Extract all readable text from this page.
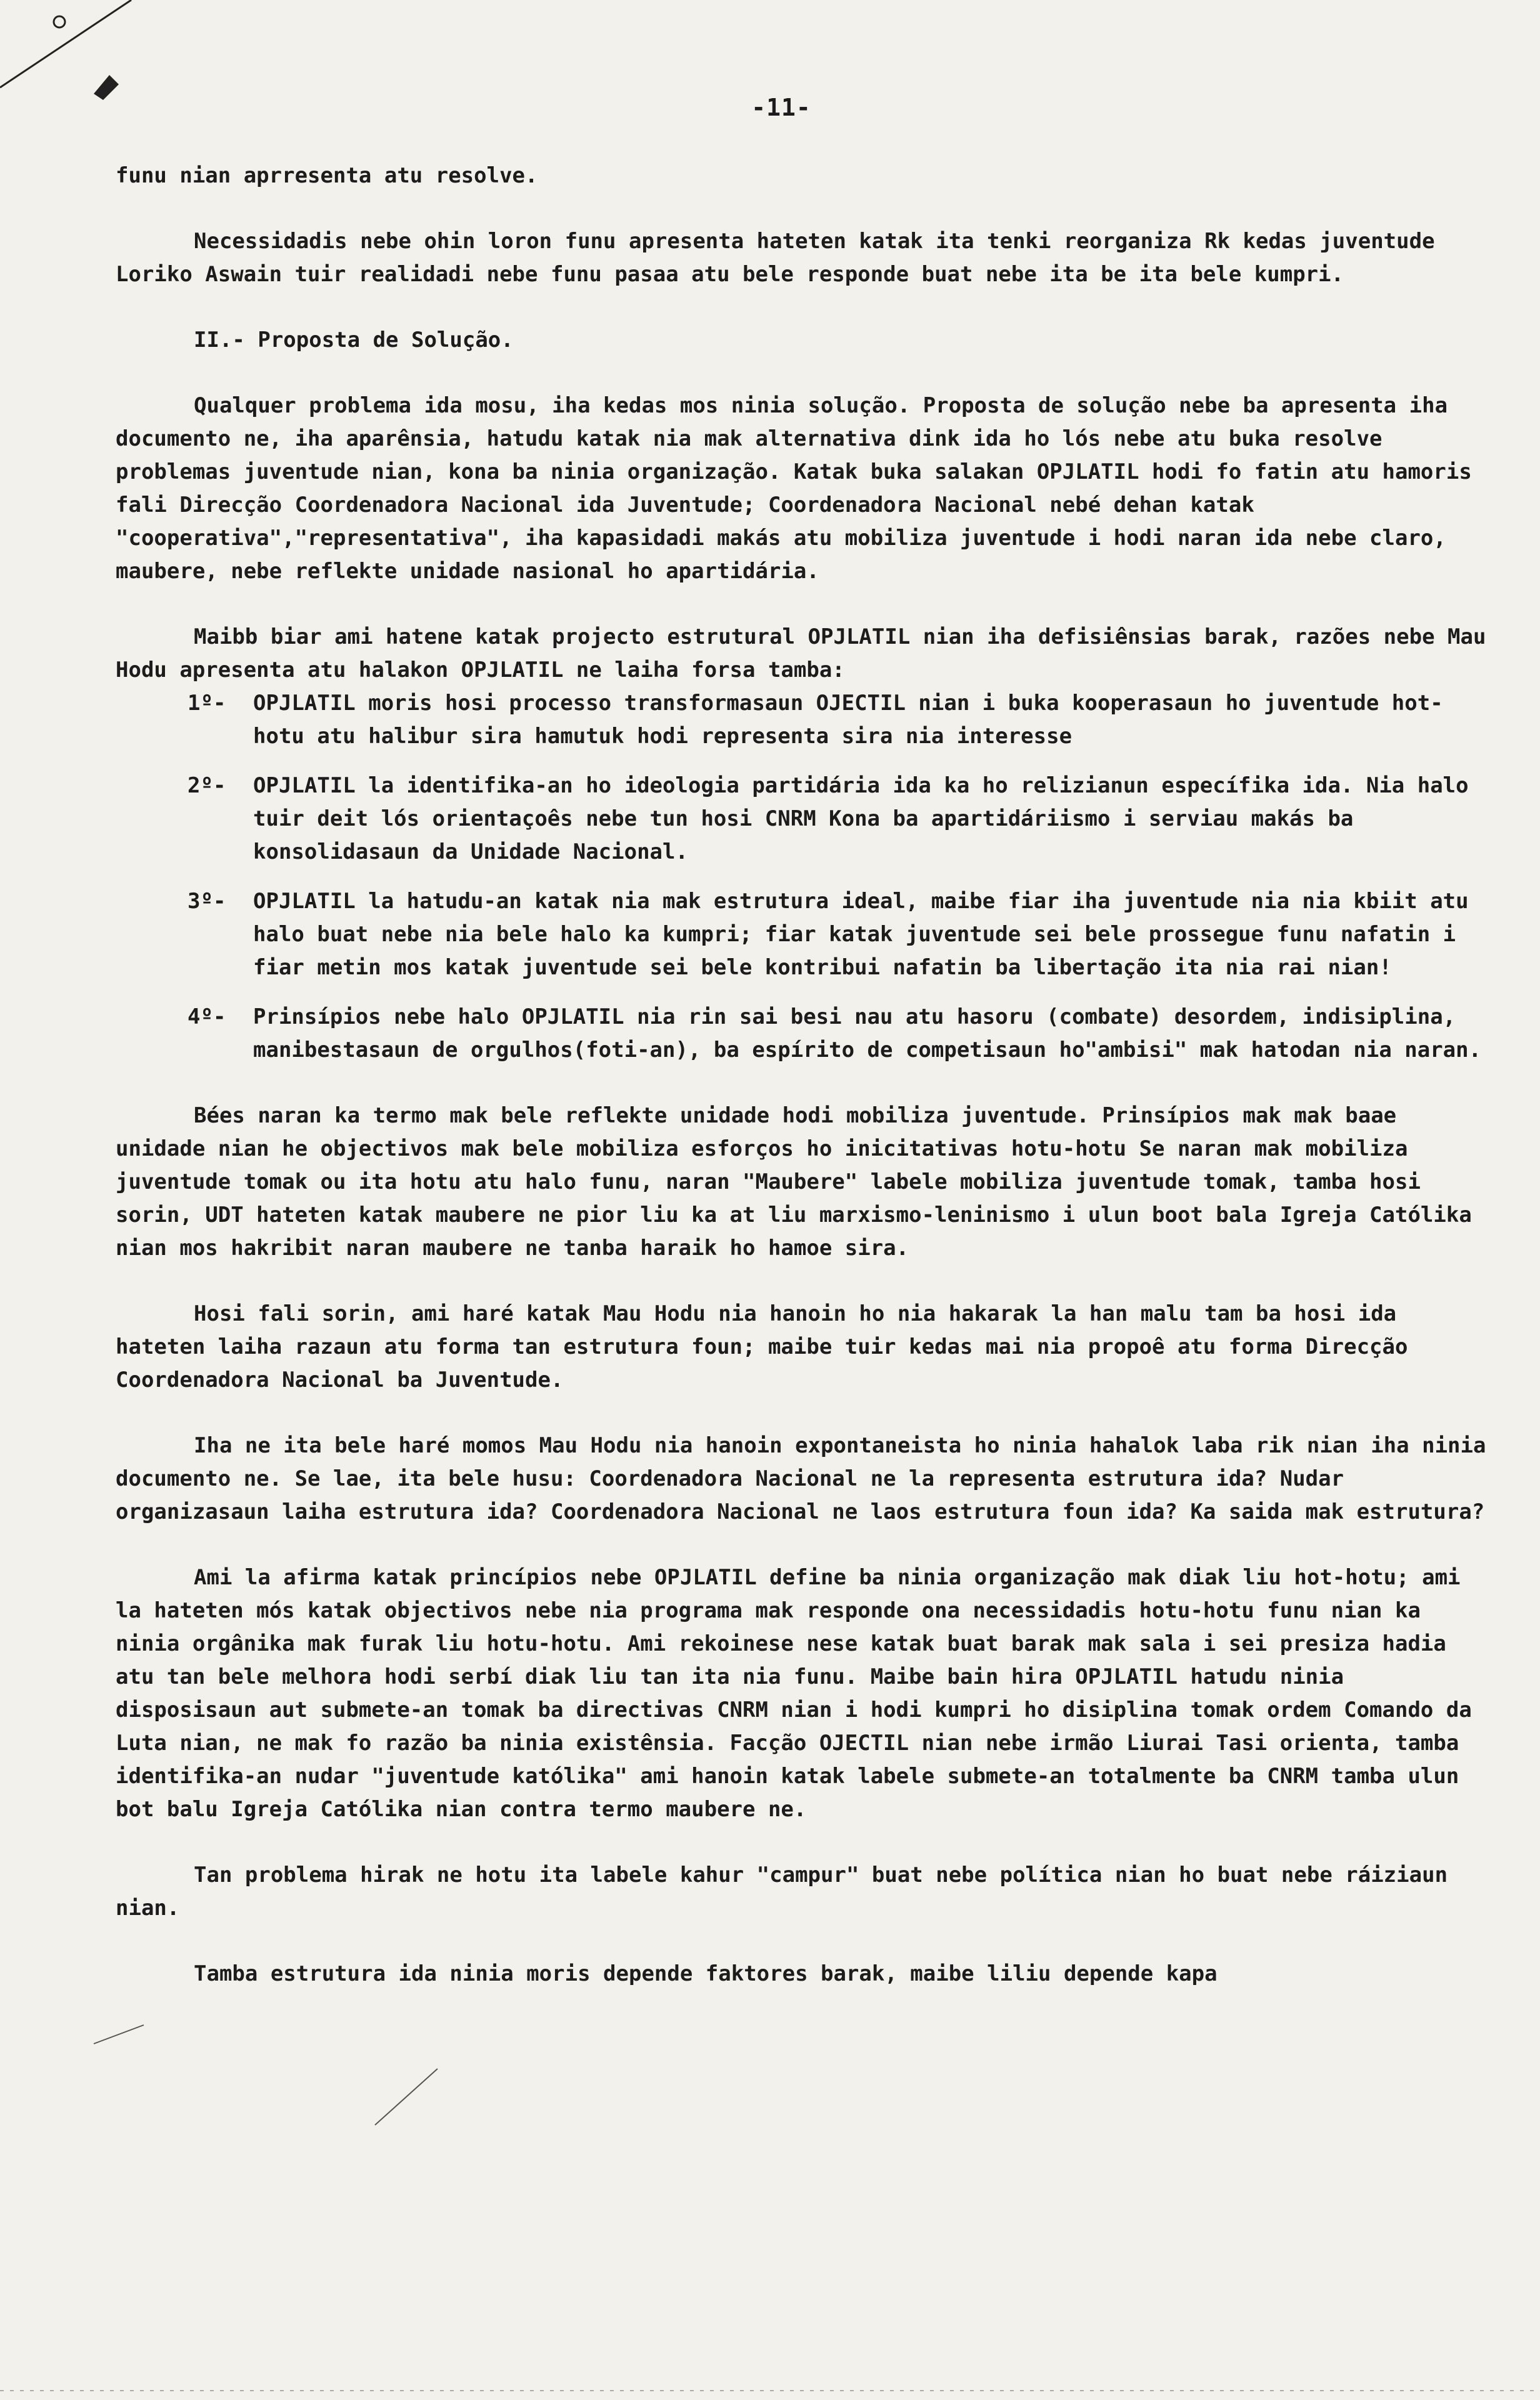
-11-

funu nian aprresenta atu resolve.

Necessidadis nebe ohin loron funu apresenta hateten katak ita tenki reorganiza Rk kedas juventude Loriko Aswain tuir realidadi nebe funu pasaa atu bele responde buat nebe ita be ita bele kumpri.

II.- Proposta de Solução.

Qualquer problema ida mosu, iha kedas mos ninia solução. Proposta de solução nebe ba apresenta iha documento ne, iha aparênsia, hatudu katak nia mak alternativa dink ida ho lós nebe atu buka resolve problemas juventude nian, kona ba ninia organização. Katak buka salakan OPJLATIL hodi fo fatin atu hamoris fali Direcção Coordenadora Nacional ida Juventude; Coordenadora Nacional nebé dehan katak "cooperativa","representativa", iha kapasidadi makás atu mobiliza juventude i hodi naran ida nebe claro, maubere, nebe reflekte unidade nasional ho apartidária.

Maibb biar ami hatene katak projecto estrutural OPJLATIL nian iha defisiênsias barak, razões nebe Mau Hodu apresenta atu halakon OPJLATIL ne laiha forsa tamba:

1º-	OPJLATIL moris hosi processo transformasaun OJECTIL nian i buka kooperasaun ho juventude hot-hotu atu halibur sira hamutuk hodi representa sira nia interesse
2º-	OPJLATIL la identifika-an ho ideologia partidária ida ka ho relizianun específika ida. Nia halo tuir deit lós orientaçoês nebe tun hosi CNRM Kona ba apartidáriismo i serviau makás ba konsolidasaun da Unidade Nacional.
3º-	OPJLATIL la hatudu-an katak nia mak estrutura ideal, maibe fiar iha juventude nia nia kbiit atu halo buat nebe nia bele halo ka kumpri; fiar katak juventude sei bele prossegue funu nafatin i fiar metin mos katak juventude sei bele kontribui nafatin ba libertação ita nia rai nian!
4º-	Prinsípios nebe halo OPJLATIL nia rin sai besi nau atu hasoru (combate) desordem, indisiplina, manibestasaun de orgulhos(foti-an), ba espírito de competisaun ho"ambisi" mak hatodan nia naran.

Bées naran ka termo mak bele reflekte unidade hodi mobiliza juventude. Prinsípios mak mak baae unidade nian he objectivos mak bele mobiliza esforços ho inicitativas hotu-hotu Se naran mak mobiliza juventude tomak ou ita hotu atu halo funu, naran "Maubere" labele mobiliza juventude tomak, tamba hosi sorin, UDT hateten katak maubere ne pior liu ka at liu marxismo-leninismo i ulun boot bala Igreja Católika nian mos hakribit naran maubere ne tanba haraik ho hamoe sira.

Hosi fali sorin, ami haré katak Mau Hodu nia hanoin ho nia hakarak la han malu tam ba hosi ida hateten laiha razaun atu forma tan estrutura foun; maibe tuir kedas mai nia propoê atu forma Direcção Coordenadora Nacional ba Juventude.

Iha ne ita bele haré momos Mau Hodu nia hanoin expontaneista ho ninia hahalok laba rik nian iha ninia documento ne. Se lae, ita bele husu: Coordenadora Nacional ne la representa estrutura ida? Nudar organizasaun laiha estrutura ida? Coordenadora Nacional ne laos estrutura foun ida? Ka saida mak estrutura?

Ami la afirma katak princípios nebe OPJLATIL define ba ninia organização mak diak liu hot-hotu; ami la hateten mós katak objectivos nebe nia programa mak responde ona necessidadis hotu-hotu funu nian ka ninia orgânika mak furak liu hotu-hotu. Ami rekoinese nese katak buat barak mak sala i sei presiza hadia atu tan bele melhora hodi serbí diak liu tan ita nia funu. Maibe bain hira OPJLATIL hatudu ninia disposisaun aut submete-an tomak ba directivas CNRM nian i hodi kumpri ho disiplina tomak ordem Comando da Luta nian, ne mak fo razão ba ninia existênsia. Facção OJECTIL nian nebe irmão Liurai Tasi orienta, tamba identifika-an nudar "juventude katólika" ami hanoin katak labele submete-an totalmente ba CNRM tamba ulun bot balu Igreja Católika nian contra termo maubere ne.

Tan problema hirak ne hotu ita labele kahur "campur" buat nebe política nian ho buat nebe ráiziaun nian.

Tamba estrutura ida ninia moris depende faktores barak, maibe liliu depende kapa
